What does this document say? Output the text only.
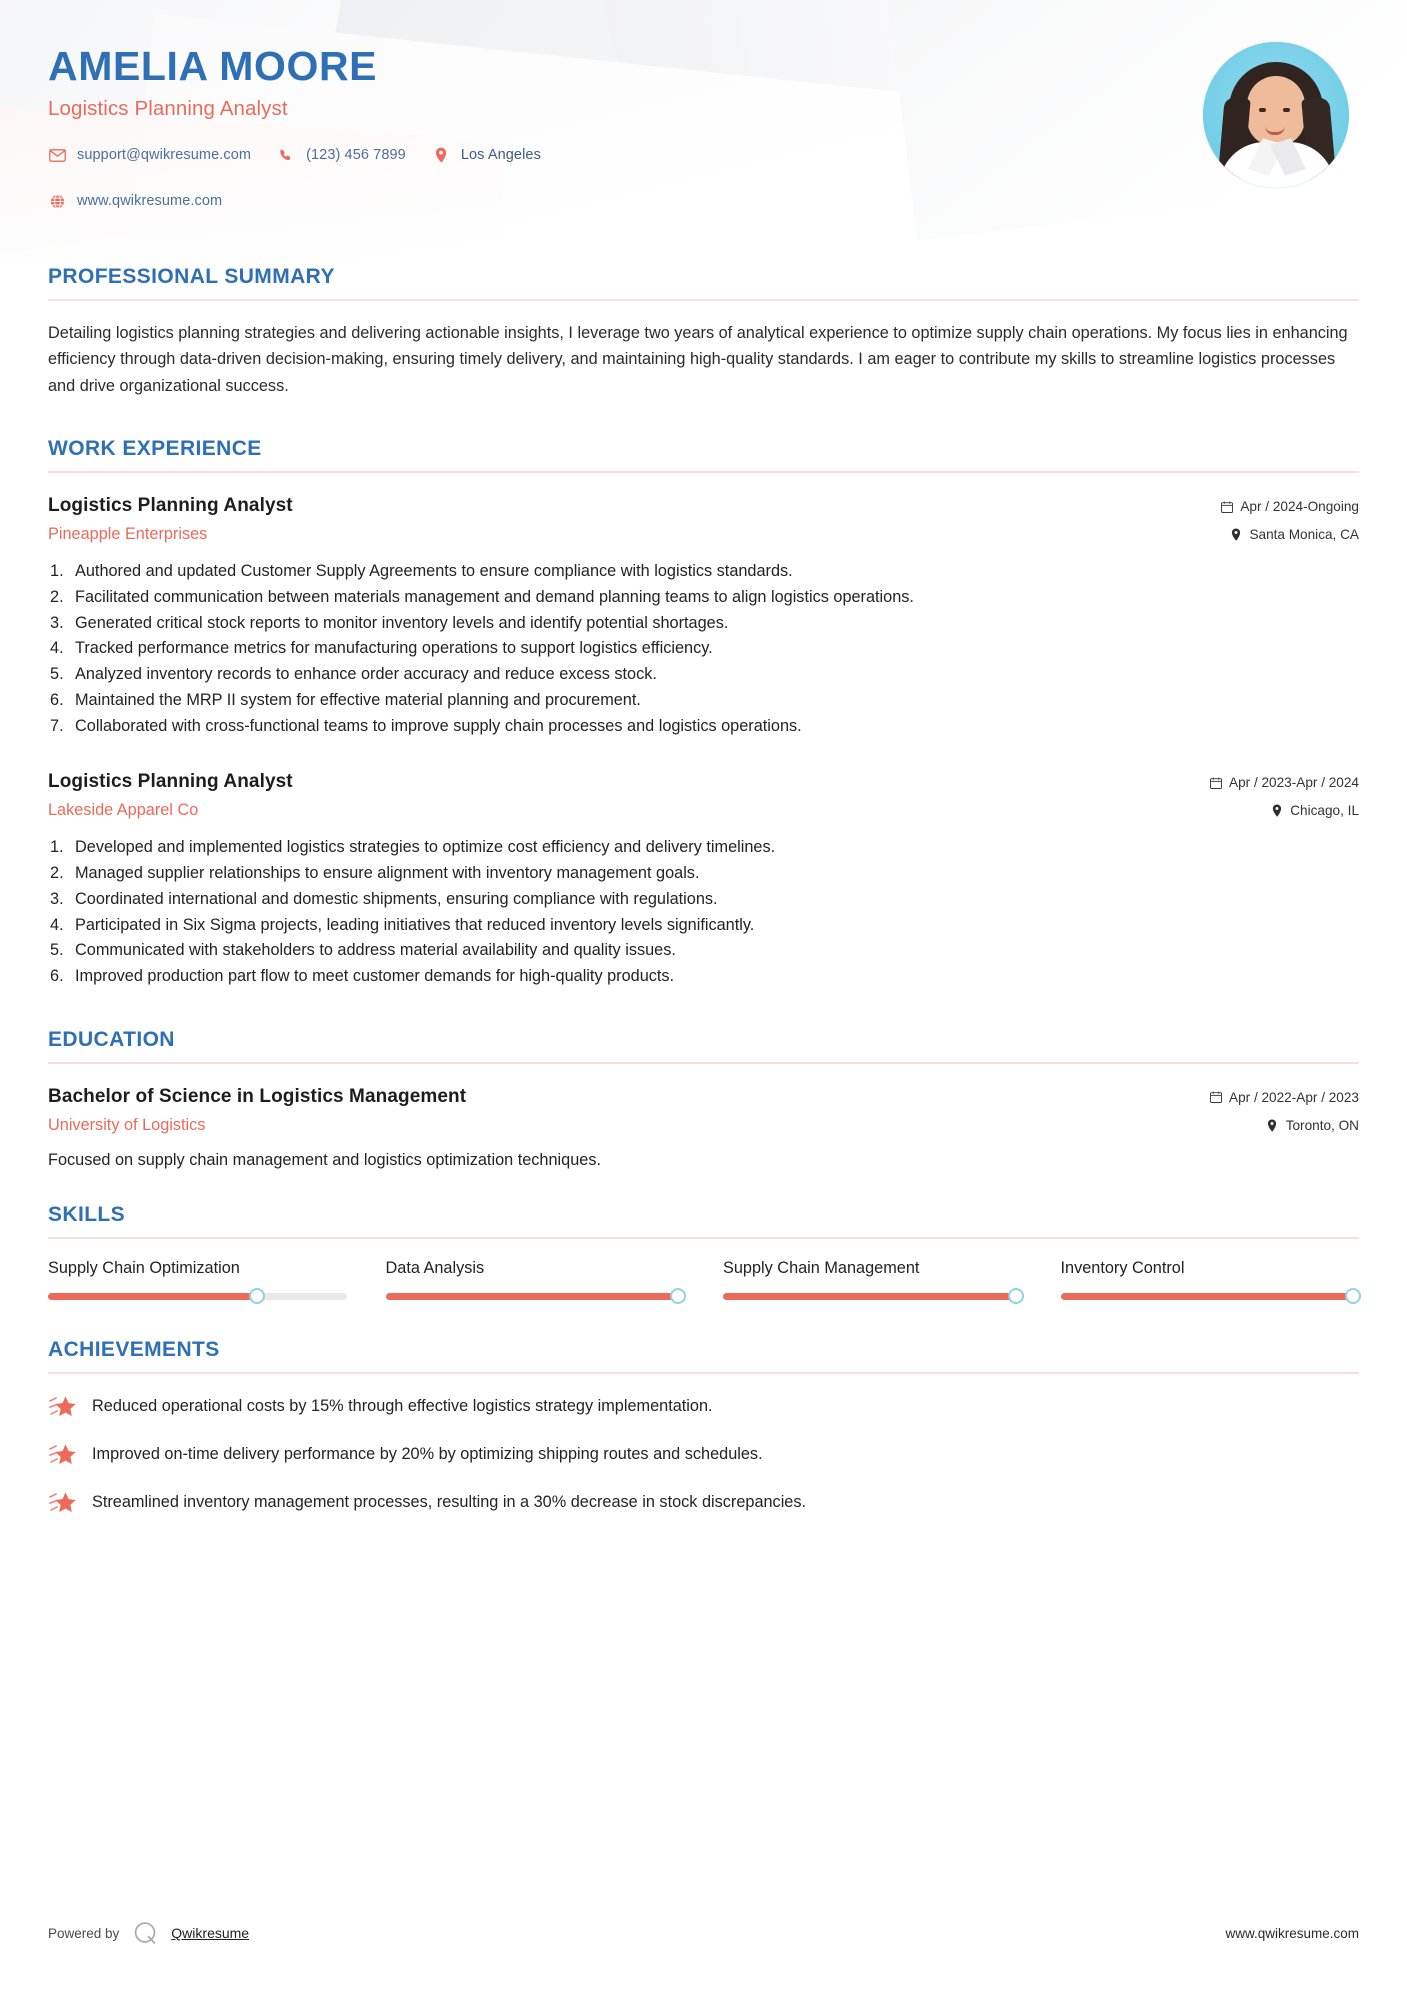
AMELIA MOORE
Logistics Planning Analyst
support@qwikresume.com	(123) 456 7899	Los Angeles
www.qwikresume.com
PROFESSIONAL SUMMARY
Detailing logistics planning strategies and delivering actionable insights, I leverage two years of analytical experience to optimize supply chain operations. My focus lies in enhancing efficiency through data-driven decision-making, ensuring timely delivery, and maintaining high-quality standards. I am eager to contribute my skills to streamline logistics processes and drive organizational success.
WORK EXPERIENCE
Logistics Planning Analyst
Pineapple Enterprises
Apr / 2024-Ongoing
Santa Monica, CA
Authored and updated Customer Supply Agreements to ensure compliance with logistics standards.
Facilitated communication between materials management and demand planning teams to align logistics operations.
Generated critical stock reports to monitor inventory levels and identify potential shortages.
Tracked performance metrics for manufacturing operations to support logistics efficiency.
Analyzed inventory records to enhance order accuracy and reduce excess stock.
Maintained the MRP II system for effective material planning and procurement.
Collaborated with cross-functional teams to improve supply chain processes and logistics operations.
Logistics Planning Analyst
Lakeside Apparel Co
Apr / 2023-Apr / 2024
Chicago, IL
Developed and implemented logistics strategies to optimize cost efficiency and delivery timelines.
Managed supplier relationships to ensure alignment with inventory management goals.
Coordinated international and domestic shipments, ensuring compliance with regulations.
Participated in Six Sigma projects, leading initiatives that reduced inventory levels significantly.
Communicated with stakeholders to address material availability and quality issues.
Improved production part flow to meet customer demands for high-quality products.
EDUCATION
Bachelor of Science in Logistics Management
University of Logistics
Apr / 2022-Apr / 2023
Toronto, ON
Focused on supply chain management and logistics optimization techniques.
SKILLS
Supply Chain Optimization	Data Analysis	Supply Chain Management	Inventory Control
ACHIEVEMENTS
Reduced operational costs by 15% through effective logistics strategy implementation.
Improved on-time delivery performance by 20% by optimizing shipping routes and schedules.
Streamlined inventory management processes, resulting in a 30% decrease in stock discrepancies.
Powered by	Qwikresume	www.qwikresume.com
